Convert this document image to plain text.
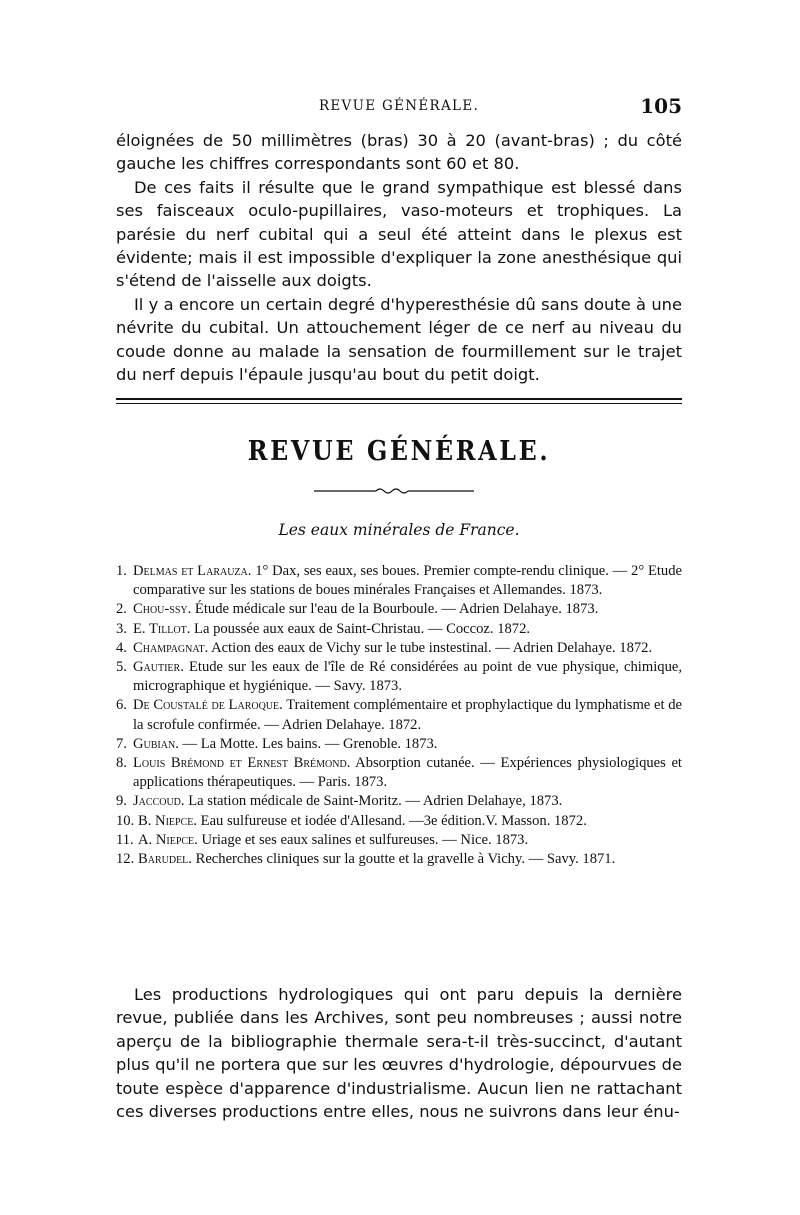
REVUE GÉNÉRALE.	105

éloignées de 50 millimètres (bras) 30 à 20 (avant-bras) ; du côté gauche les chiffres correspondants sont 60 et 80.

De ces faits il résulte que le grand sympathique est blessé dans ses faisceaux oculo-pupillaires, vaso-moteurs et trophiques. La parésie du nerf cubital qui a seul été atteint dans le plexus est évidente; mais il est impossible d'expliquer la zone anesthésique qui s'étend de l'aisselle aux doigts.

Il y a encore un certain degré d'hyperesthésie dû sans doute à une névrite du cubital. Un attouchement léger de ce nerf au niveau du coude donne au malade la sensation de fourmillement sur le trajet du nerf depuis l'épaule jusqu'au bout du petit doigt.

REVUE GÉNÉRALE.
Les eaux minérales de France.
1. Delmas et Larauza. 1° Dax, ses eaux, ses boues. Premier compte-rendu clinique. — 2° Etude comparative sur les stations de boues minérales Françaises et Allemandes. 1873.
2. Chou-ssy. Étude médicale sur l'eau de la Bourboule. — Adrien Delahaye. 1873.
3. E. Tillot. La poussée aux eaux de Saint-Christau. — Coccoz. 1872.
4. Champagnat. Action des eaux de Vichy sur le tube instestinal. — Adrien Delahaye. 1872.
5. Gautier. Etude sur les eaux de l'île de Ré considérées au point de vue physique, chimique, micrographique et hygiénique. — Savy. 1873.
6. De Coustalé de Laroque. Traitement complémentaire et prophylactique du lymphatisme et de la scrofule confirmée. — Adrien Delahaye. 1872.
7. Gubian. — La Motte. Les bains. — Grenoble. 1873.
8. Louis Brémond et Ernest Brémond. Absorption cutanée. — Expériences physiologiques et applications thérapeutiques. — Paris. 1873.
9. Jaccoud. La station médicale de Saint-Moritz. — Adrien Delahaye, 1873.
10. B. Niepce. Eau sulfureuse et iodée d'Allesand. —3e édition.V. Masson. 1872.
11. A. Niepce. Uriage et ses eaux salines et sulfureuses. — Nice. 1873.
12. Barudel. Recherches cliniques sur la goutte et la gravelle à Vichy. — Savy. 1871.

Les productions hydrologiques qui ont paru depuis la dernière revue, publiée dans les Archives, sont peu nombreuses ; aussi notre aperçu de la bibliographie thermale sera-t-il très-succinct, d'autant plus qu'il ne portera que sur les œuvres d'hydrologie, dépourvues de toute espèce d'apparence d'industrialisme. Aucun lien ne rattachant ces diverses productions entre elles, nous ne suivrons dans leur énu-
